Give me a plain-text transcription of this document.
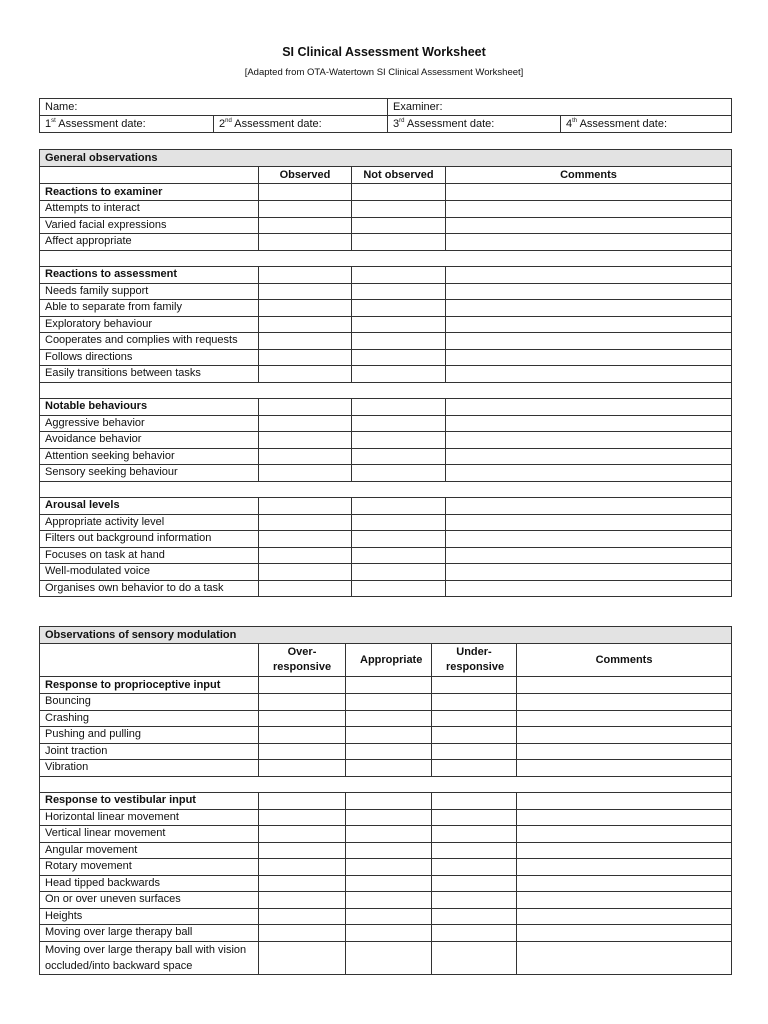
SI Clinical Assessment Worksheet
[Adapted from OTA-Watertown SI Clinical Assessment Worksheet]
Name:		Examiner:	
1st Assessment date:	2nd Assessment date:	3rd Assessment date:	4th Assessment date:
General observations			
	Observed	Not observed	Comments
Reactions to examiner			
Attempts to interact			
Varied facial expressions			
Affect appropriate			

Reactions to assessment			
Needs family support			
Able to separate from family			
Exploratory behaviour			
Cooperates and complies with requests			
Follows directions			
Easily transitions between tasks			

Notable behaviours			
Aggressive behavior			
Avoidance behavior			
Attention seeking behavior			
Sensory seeking behaviour			

Arousal levels			
Appropriate activity level			
Filters out background information			
Focuses on task at hand			
Well-modulated voice			
Organises own behavior to do a task			
Observations of sensory modulation				
	Over-responsive	Appropriate	Under-responsive	Comments
Response to proprioceptive input				
Bouncing				
Crashing				
Pushing and pulling				
Joint traction				
Vibration				

Response to vestibular input				
Horizontal linear movement				
Vertical linear movement				
Angular movement				
Rotary movement				
Head tipped backwards				
On or over uneven surfaces				
Heights				
Moving over large therapy ball				
Moving over large therapy ball with vision occluded/into backward space				
